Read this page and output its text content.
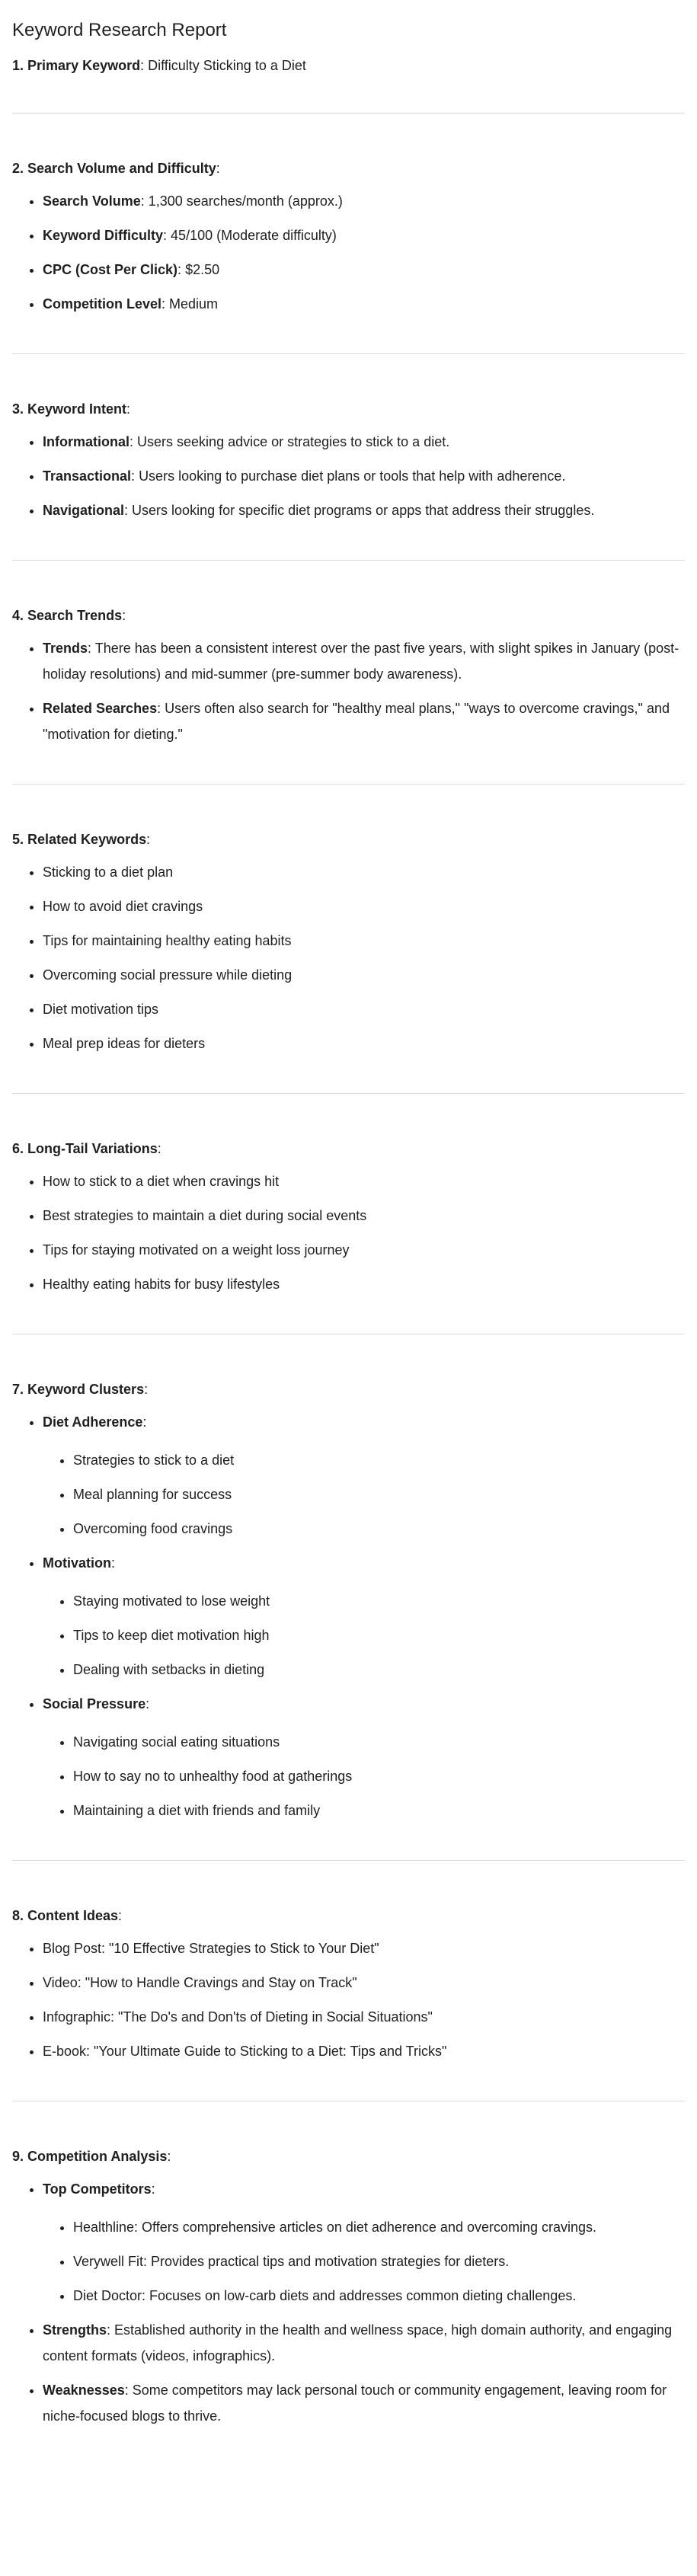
Keyword Research Report
1. Primary Keyword: Difficulty Sticking to a Diet
2. Search Volume and Difficulty:
• Search Volume: 1,300 searches/month (approx.)
• Keyword Difficulty: 45/100 (Moderate difficulty)
• CPC (Cost Per Click): $2.50
• Competition Level: Medium
3. Keyword Intent:
• Informational: Users seeking advice or strategies to stick to a diet.
• Transactional: Users looking to purchase diet plans or tools that help with adherence.
• Navigational: Users looking for specific diet programs or apps that address their struggles.
4. Search Trends:
• Trends: There has been a consistent interest over the past five years, with slight spikes in January (post-holiday resolutions) and mid-summer (pre-summer body awareness).
• Related Searches: Users often also search for "healthy meal plans," "ways to overcome cravings," and "motivation for dieting."
5. Related Keywords:
• Sticking to a diet plan
• How to avoid diet cravings
• Tips for maintaining healthy eating habits
• Overcoming social pressure while dieting
• Diet motivation tips
• Meal prep ideas for dieters
6. Long-Tail Variations:
• How to stick to a diet when cravings hit
• Best strategies to maintain a diet during social events
• Tips for staying motivated on a weight loss journey
• Healthy eating habits for busy lifestyles
7. Keyword Clusters:
• Diet Adherence:
• Strategies to stick to a diet
• Meal planning for success
• Overcoming food cravings
• Motivation:
• Staying motivated to lose weight
• Tips to keep diet motivation high
• Dealing with setbacks in dieting
• Social Pressure:
• Navigating social eating situations
• How to say no to unhealthy food at gatherings
• Maintaining a diet with friends and family
8. Content Ideas:
• Blog Post: "10 Effective Strategies to Stick to Your Diet"
• Video: "How to Handle Cravings and Stay on Track"
• Infographic: "The Do's and Don'ts of Dieting in Social Situations"
• E-book: "Your Ultimate Guide to Sticking to a Diet: Tips and Tricks"
9. Competition Analysis:
• Top Competitors:
• Healthline: Offers comprehensive articles on diet adherence and overcoming cravings.
• Verywell Fit: Provides practical tips and motivation strategies for dieters.
• Diet Doctor: Focuses on low-carb diets and addresses common dieting challenges.
• Strengths: Established authority in the health and wellness space, high domain authority, and engaging content formats (videos, infographics).
• Weaknesses: Some competitors may lack personal touch or community engagement, leaving room for niche-focused blogs to thrive.
